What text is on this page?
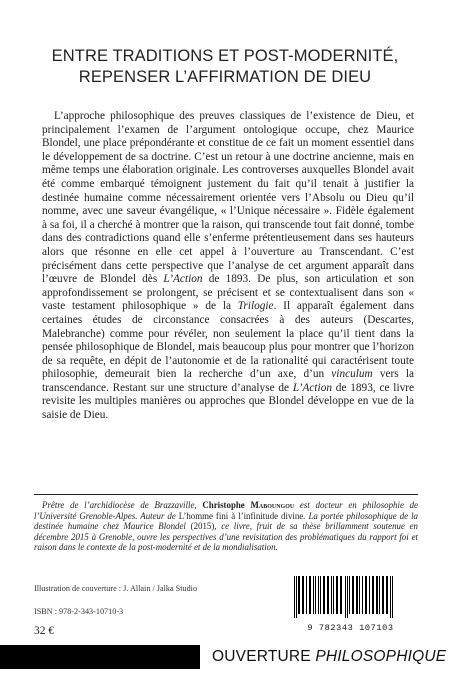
ENTRE TRADITIONS ET POST-MODERNITÉ,
REPENSER L’AFFIRMATION DE DIEU

L’approche philosophique des preuves classiques de l’existence de Dieu, et principalement l’examen de l’argument ontologique occupe, chez Maurice Blondel, une place prépondérante et constitue de ce fait un moment essentiel dans le développement de sa doctrine. C’est un retour à une doctrine ancienne, mais en même temps une élaboration originale. Les controverses auxquelles Blondel avait été comme embarqué témoignent justement du fait qu’il tenait à justifier la destinée humaine comme nécessairement orientée vers l’Absolu ou Dieu qu’il nomme, avec une saveur évangélique, « l’Unique nécessaire ». Fidèle également à sa foi, il a cherché à montrer que la raison, qui transcende tout fait donné, tombe dans des contradictions quand elle s’enferme prétentieusement dans ses hauteurs alors que résonne en elle cet appel à l’ouverture au Transcendant. C’est précisément dans cette perspective que l’analyse de cet argument apparaît dans l’œuvre de Blondel dès L’Action de 1893. De plus, son articulation et son approfondissement se prolongent, se précisent et se contextualisent dans son « vaste testament philosophique » de la Trilogie. Il apparaît également dans certaines études de circonstance consacrées à des auteurs (Descartes, Malebranche) comme pour révéler, non seulement la place qu’il tient dans la pensée philosophique de Blondel, mais beaucoup plus pour montrer que l’horizon de sa requête, en dépit de l’autonomie et de la rationalité qui caractérisent toute philosophie, demeurait bien la recherche d’un axe, d’un vinculum vers la transcendance. Restant sur une structure d’analyse de L’Action de 1893, ce livre revisite les multiples manières ou approches que Blondel développe en vue de la saisie de Dieu.

Prêtre de l’archidiocèse de Brazzaville, Christophe Maboungou est docteur en philosophie de l’Université Grenoble-Alpes. Auteur de L’homme fini à l’infinitude divine. La portée philosophique de la destinée humaine chez Maurice Blondel (2015), ce livre, fruit de sa thèse brillamment soutenue en décembre 2015 à Grenoble, ouvre les perspectives d’une revisitation des problématiques du rapport foi et raison dans le contexte de la post-modernité et de la mondialisation.

Illustration de couverture : J. Allain / Jalka Studio
ISBN : 978-2-343-10710-3
32 €	9 782343 107103
OUVERTURE PHILOSOPHIQUE
